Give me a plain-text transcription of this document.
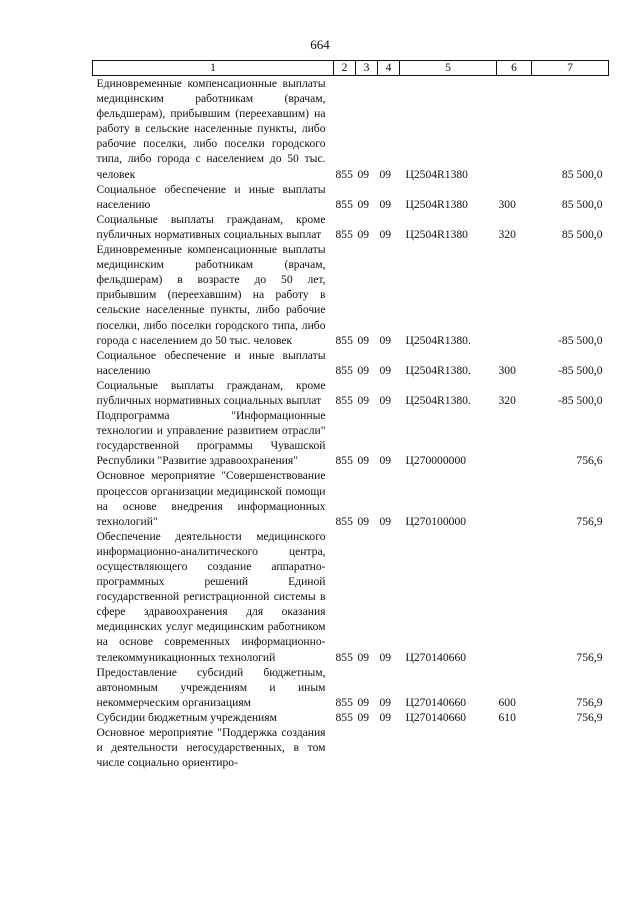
664
1	2	3	4	5	6	7

Единовременные компенсационные выплаты медицинским работникам (врачам, фельдшерам), прибывшим (переехавшим) на работу в сельские населенные пункты, либо рабочие поселки, либо поселки городского типа, либо города с населением до 50 тыс. человек	855	09	09	Ц2504R1380		85 500,0

Социальное обеспечение и иные выплаты населению	855	09	09	Ц2504R1380	300	85 500,0

Социальные выплаты гражданам, кроме публичных нормативных социальных выплат	855	09	09	Ц2504R1380	320	85 500,0

Единовременные компенсационные выплаты медицинским работникам (врачам, фельдшерам) в возрасте до 50 лет, прибывшим (переехавшим) на работу в сельские населенные пункты, либо рабочие поселки, либо поселки городского типа, либо города с населением до 50 тыс. человек	855	09	09	Ц2504R1380.		-85 500,0

Социальное обеспечение и иные выплаты населению	855	09	09	Ц2504R1380.	300	-85 500,0

Социальные выплаты гражданам, кроме публичных нормативных социальных выплат	855	09	09	Ц2504R1380.	320	-85 500,0

Подпрограмма "Информационные технологии и управление развитием отрасли" государственной программы Чувашской Республики "Развитие здравоохранения"	855	09	09	Ц270000000		756,6

Основное мероприятие "Совершенствование процессов организации медицинской помощи на основе внедрения информационных технологий"	855	09	09	Ц270100000		756,9

Обеспечение деятельности медицинского информационно-аналитического центра, осуществляющего создание аппаратно-программных решений Единой государственной регистрационной системы в сфере здравоохранения для оказания медицинских услуг медицинским работником на основе современных информационно-телекоммуникационных технологий	855	09	09	Ц270140660		756,9

Предоставление субсидий бюджетным, автономным учреждениям и иным некоммерческим организациям	855	09	09	Ц270140660	600	756,9

Субсидии бюджетным учреждениям	855	09	09	Ц270140660	610	756,9

Основное мероприятие "Поддержка создания и деятельности негосударственных, в том числе социально ориентиро-						
